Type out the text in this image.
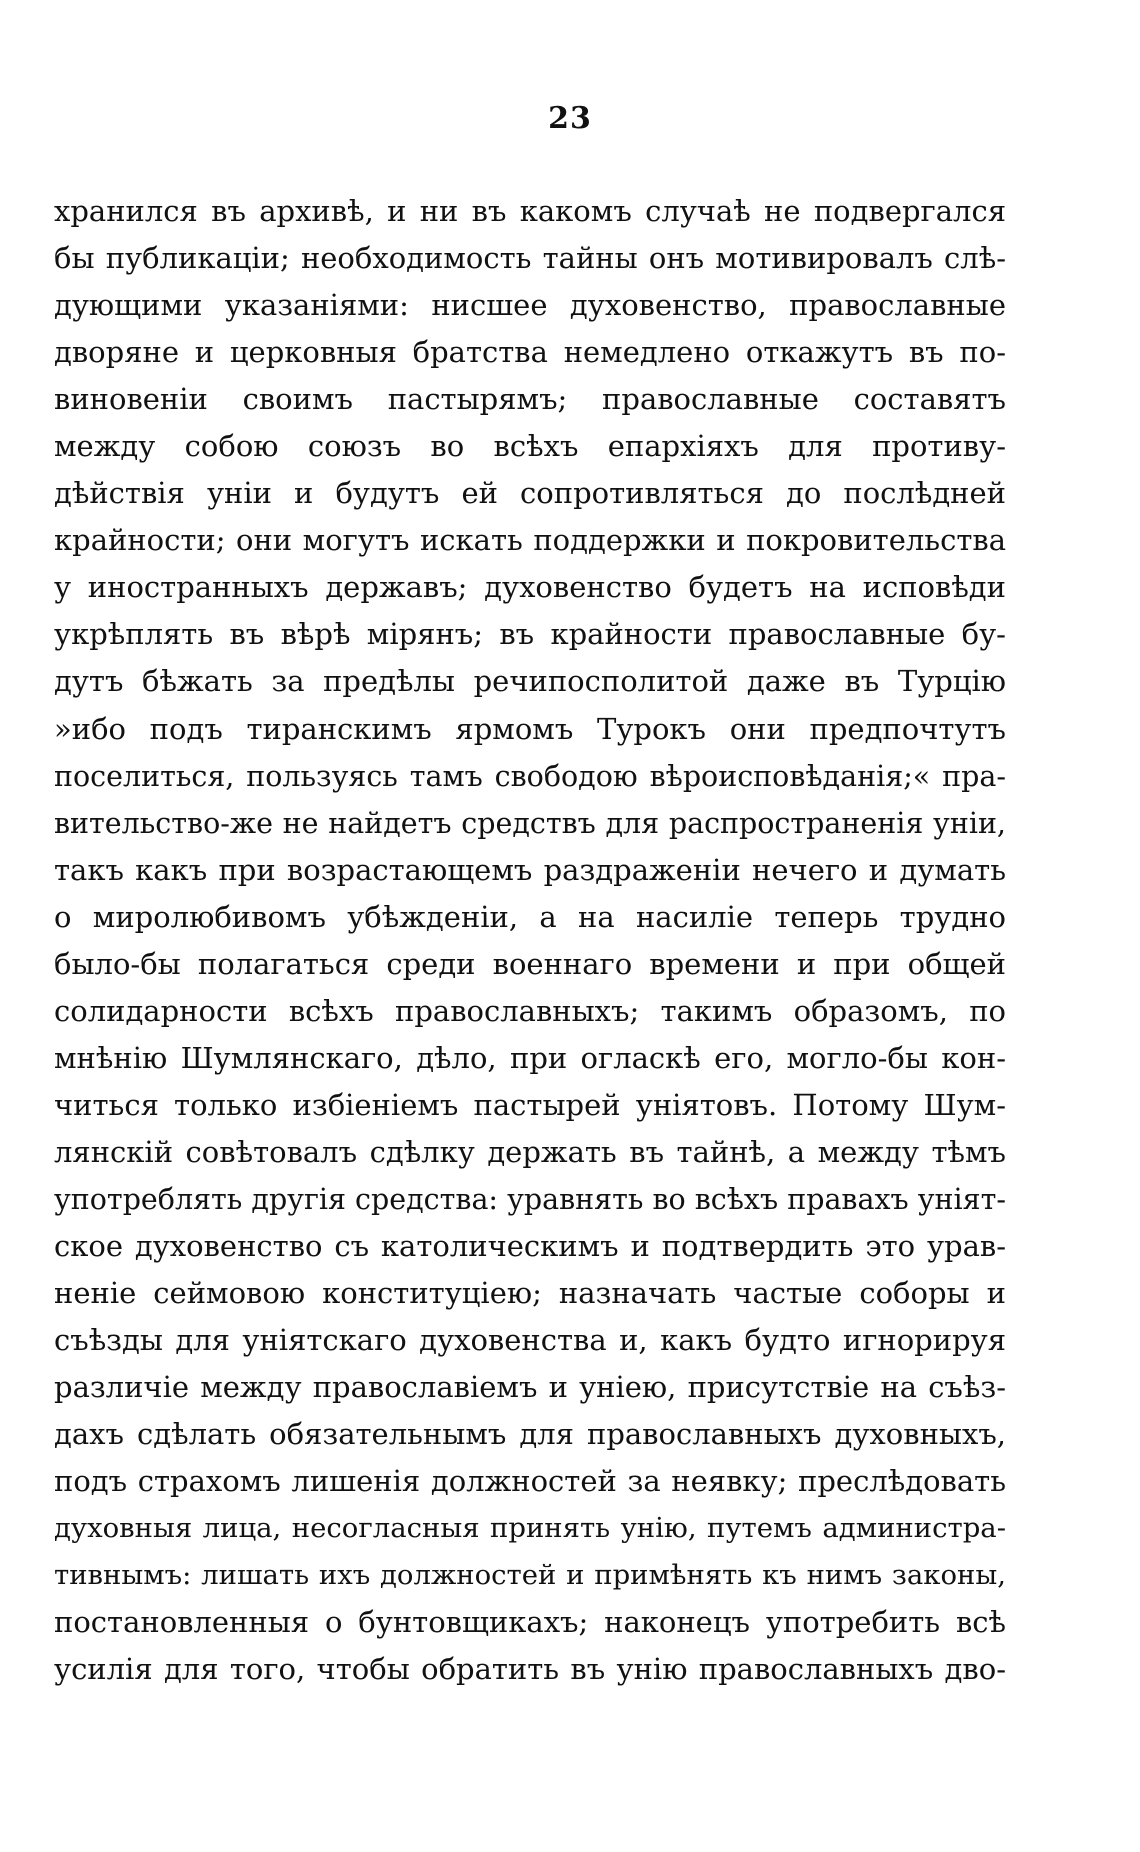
23
хранился въ архивѣ, и ни въ какомъ случаѣ не подвергался
бы публикаціи; необходимость тайны онъ мотивировалъ слѣ-
дующими указаніями: нисшее духовенство, православные
дворяне и церковныя братства немедлено откажутъ въ по-
виновеніи своимъ пастырямъ; православные составятъ
между собою союзъ во всѣхъ епархіяхъ для противу-
дѣйствія уніи и будутъ ей сопротивляться до послѣдней
крайности; они могутъ искать поддержки и покровительства
у иностранныхъ державъ; духовенство будетъ на исповѣди
укрѣплять въ вѣрѣ мірянъ; въ крайности православные бу-
дутъ бѣжать за предѣлы речипосполитой даже въ Турцію
»ибо подъ тиранскимъ ярмомъ Турокъ они предпочтутъ
поселиться, пользуясь тамъ свободою вѣроисповѣданія;« пра-
вительство-же не найдетъ средствъ для распространенія уніи,
такъ какъ при возрастающемъ раздраженіи нечего и думать
о миролюбивомъ убѣжденіи, а на насиліе теперь трудно
было-бы полагаться среди военнаго времени и при общей
солидарности всѣхъ православныхъ; такимъ образомъ, по
мнѣнію Шумлянскаго, дѣло, при огласкѣ его, могло-бы кон-
читься только избіеніемъ пастырей уніятовъ. Потому Шум-
лянскій совѣтовалъ сдѣлку держать въ тайнѣ, а между тѣмъ
употреблять другія средства: уравнять во всѣхъ правахъ уніят-
ское духовенство съ католическимъ и подтвердить это урав-
неніе сеймовою конституціею; назначать частые соборы и
съѣзды для уніятскаго духовенства и, какъ будто игнорируя
различіе между православіемъ и уніею, присутствіе на съѣз-
дахъ сдѣлать обязательнымъ для православныхъ духовныхъ,
подъ страхомъ лишенія должностей за неявку; преслѣдовать
духовныя лица, несогласныя принять унію, путемъ администра-
тивнымъ: лишать ихъ должностей и примѣнять къ нимъ законы,
постановленныя о бунтовщикахъ; наконецъ употребить всѣ
усилія для того, чтобы обратить въ унію православныхъ дво-
